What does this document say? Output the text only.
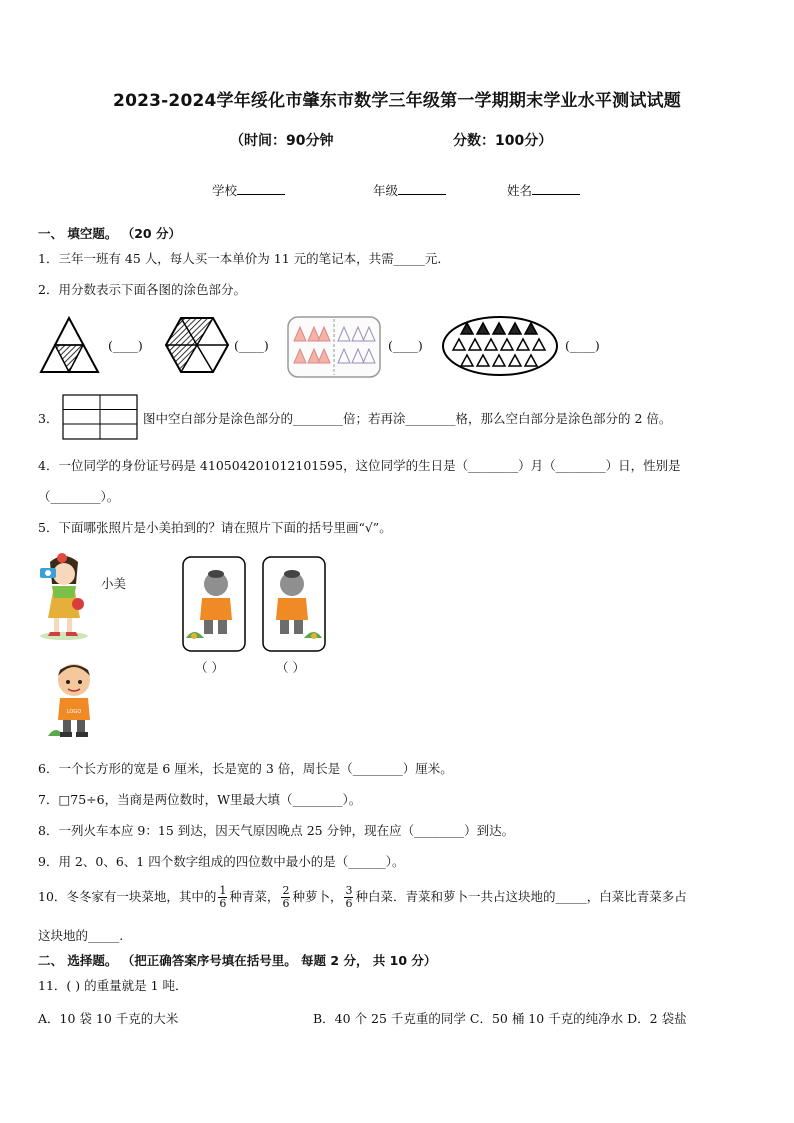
2023-2024学年绥化市肇东市数学三年级第一学期期末学业水平测试试题
（时间：90分钟	分数：100分）
学校	年级	姓名
一、 填空题。 （20 分）
1．三年一班有 45 人，每人买一本单价为 11 元的笔记本，共需_____元．
2．用分数表示下面各图的涂色部分。
(____)	(____)	(____)	(____)
3．	图中空白部分是涂色部分的________倍；若再涂________格，那么空白部分是涂色部分的 2 倍。
4．一位同学的身份证号码是 410504201012101595，这位同学的生日是（________）月（________）日，性别是
（________）。
5．下面哪张照片是小美拍到的？请在照片下面的括号里画“√”。
小美
（ ）	（ ）
LOGO
6．一个长方形的宽是 6 厘米，长是宽的 3 倍，周长是（________）厘米。
7．□75÷6，当商是两位数时，W里最大填（________）。
8．一列火车本应 9：15 到达，因天气原因晚点 25 分钟，现在应（________）到达。
9．用 2、0、6、1 四个数字组成的四位数中最小的是（______）。
10．冬冬家有一块菜地，其中的 $\frac{1}{6}$ 种青菜， $\frac{2}{6}$ 种萝卜， $\frac{3}{6}$ 种白菜．青菜和萝卜一共占这块地的_____，白菜比青菜多占
这块地的_____.
二、 选择题。 （把正确答案序号填在括号里。 每题 2 分， 共 10 分）
11．( ) 的重量就是 1 吨．
A．10 袋 10 千克的大米	B．40 个 25 千克重的同学 C．50 桶 10 千克的纯净水 D．2 袋盐
